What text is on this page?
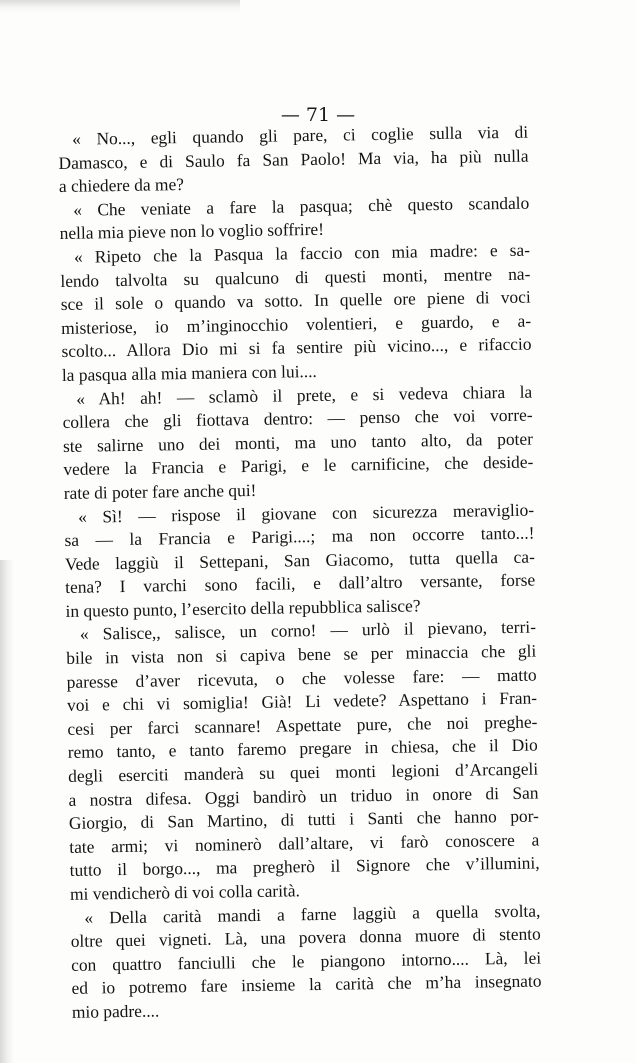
— 71 —

« No..., egli quando gli pare, ci coglie sulla via di
Damasco, e di Saulo fa San Paolo! Ma via, ha più nulla
a chiedere da me?
« Che veniate a fare la pasqua; chè questo scandalo
nella mia pieve non lo voglio soffrire!
« Ripeto che la Pasqua la faccio con mia madre: e sa-
lendo talvolta su qualcuno di questi monti, mentre na-
sce il sole o quando va sotto. In quelle ore piene di voci
misteriose, io m’inginocchio volentieri, e guardo, e a-
scolto... Allora Dio mi si fa sentire più vicino..., e rifaccio
la pasqua alla mia maniera con lui....
« Ah! ah! — sclamò il prete, e si vedeva chiara la
collera che gli fiottava dentro: — penso che voi vorre-
ste salirne uno dei monti, ma uno tanto alto, da poter
vedere la Francia e Parigi, e le carnificine, che deside-
rate di poter fare anche qui!
« Sì! — rispose il giovane con sicurezza meraviglio-
sa — la Francia e Parigi....; ma non occorre tanto...!
Vede laggiù il Settepani, San Giacomo, tutta quella ca-
tena? I varchi sono facili, e dall’altro versante, forse
in questo punto, l’esercito della repubblica salisce?
« Salisce,, salisce, un corno! — urlò il pievano, terri-
bile in vista non si capiva bene se per minaccia che gli
paresse d’aver ricevuta, o che volesse fare: — matto
voi e chi vi somiglia! Già! Li vedete? Aspettano i Fran-
cesi per farci scannare! Aspettate pure, che noi preghe-
remo tanto, e tanto faremo pregare in chiesa, che il Dio
degli eserciti manderà su quei monti legioni d’Arcangeli
a nostra difesa. Oggi bandirò un triduo in onore di San
Giorgio, di San Martino, di tutti i Santi che hanno por-
tate armi; vi nominerò dall’altare, vi farò conoscere a
tutto il borgo..., ma pregherò il Signore che v’illumini,
mi vendicherò di voi colla carità.
« Della carità mandi a farne laggiù a quella svolta,
oltre quei vigneti. Là, una povera donna muore di stento
con quattro fanciulli che le piangono intorno.... Là, lei
ed io potremo fare insieme la carità che m’ha insegnato
mio padre....
